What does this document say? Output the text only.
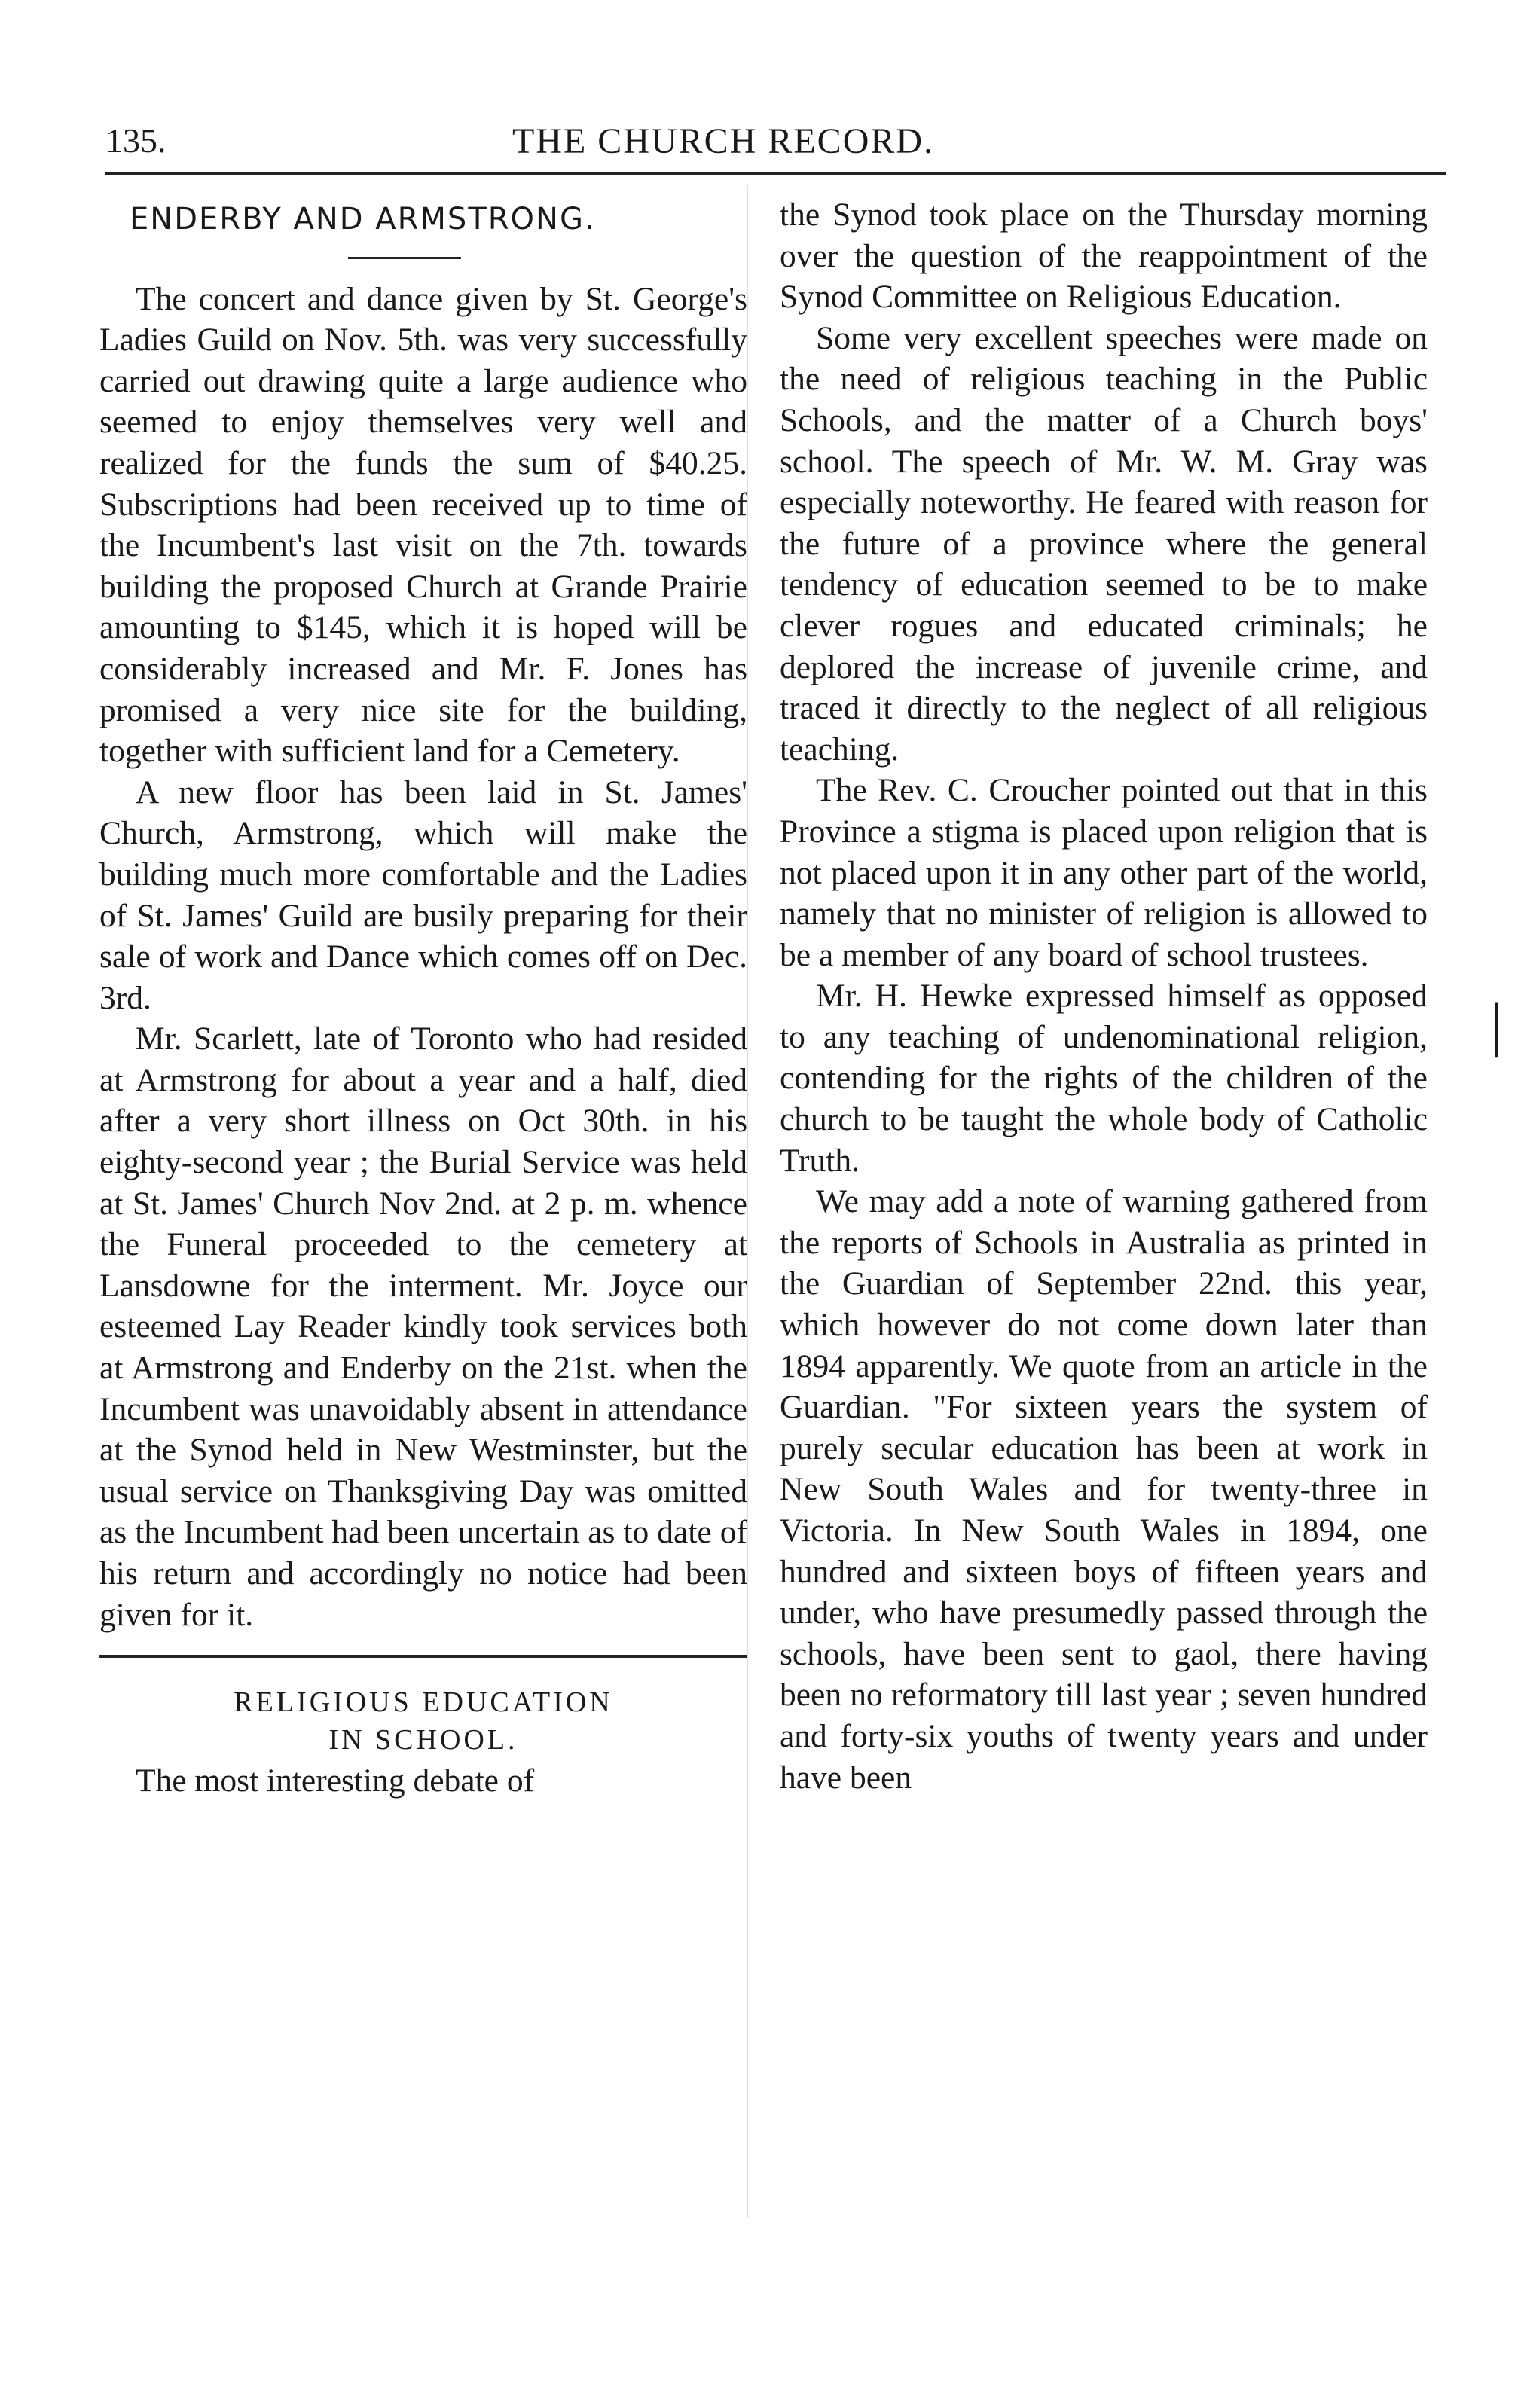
135.	THE CHURCH RECORD.
ENDERBY AND ARMSTRONG.

The concert and dance given by St. George's Ladies Guild on Nov. 5th. was very successfully carried out drawing quite a large audience who seemed to enjoy themselves very well and realized for the funds the sum of $40.25. Subscriptions had been received up to time of the Incumbent's last visit on the 7th. towards building the proposed Church at Grande Prairie amounting to $145, which it is hoped will be considerably increased and Mr. F. Jones has promised a very nice site for the building, together with sufficient land for a Cemetery.

A new floor has been laid in St. James' Church, Armstrong, which will make the building much more comfortable and the Ladies of St. James' Guild are busily preparing for their sale of work and Dance which comes off on Dec. 3rd.

Mr. Scarlett, late of Toronto who had resided at Armstrong for about a year and a half, died after a very short illness on Oct 30th. in his eighty-second year ; the Burial Service was held at St. James' Church Nov 2nd. at 2 p. m. whence the Funeral proceeded to the cemetery at Lansdowne for the interment. Mr. Joyce our esteemed Lay Reader kindly took services both at Armstrong and Enderby on the 21st. when the Incumbent was unavoidably absent in attendance at the Synod held in New Westminster, but the usual service on Thanksgiving Day was omitted as the Incumbent had been uncertain as to date of his return and accordingly no notice had been given for it.

RELIGIOUS EDUCATION
IN SCHOOL.

The most interesting debate of

the Synod took place on the Thursday morning over the question of the reappointment of the Synod Committee on Religious Education.

Some very excellent speeches were made on the need of religious teaching in the Public Schools, and the matter of a Church boys' school. The speech of Mr. W. M. Gray was especially noteworthy. He feared with reason for the future of a province where the general tendency of education seemed to be to make clever rogues and educated criminals; he deplored the increase of juvenile crime, and traced it directly to the neglect of all religious teaching.

The Rev. C. Croucher pointed out that in this Province a stigma is placed upon religion that is not placed upon it in any other part of the world, namely that no minister of religion is allowed to be a member of any board of school trustees.

Mr. H. Hewke expressed himself as opposed to any teaching of undenominational religion, contending for the rights of the children of the church to be taught the whole body of Catholic Truth.

We may add a note of warning gathered from the reports of Schools in Australia as printed in the Guardian of September 22nd. this year, which however do not come down later than 1894 apparently. We quote from an article in the Guardian. "For sixteen years the system of purely secular education has been at work in New South Wales and for twenty-three in Victoria. In New South Wales in 1894, one hundred and sixteen boys of fifteen years and under, who have presumedly passed through the schools, have been sent to gaol, there having been no reformatory till last year ; seven hundred and forty-six youths of twenty years and under have been

│
